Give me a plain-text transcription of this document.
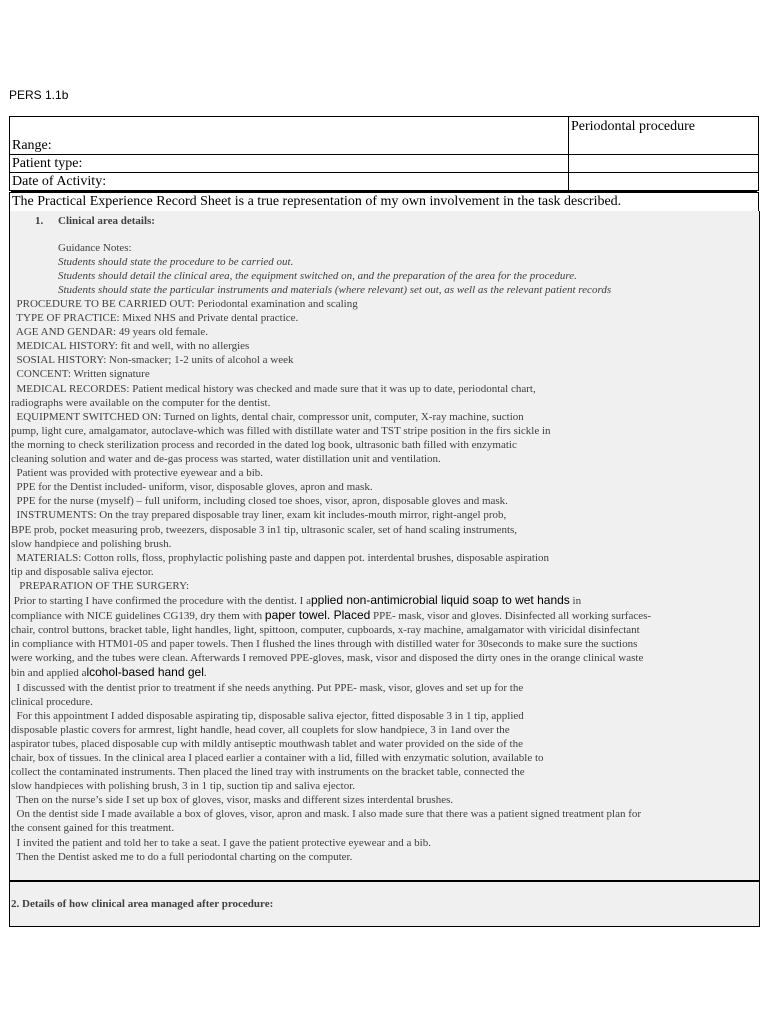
PERS 1.1b
Range:	Periodontal procedure
Patient type:	
Date of Activity:	
The Practical Experience Record Sheet is a true representation of my own involvement in the task described.
1. Clinical area details:
Guidance Notes:
Students should state the procedure to be carried out.
Students should detail the clinical area, the equipment switched on, and the preparation of the area for the procedure.
Students should state the particular instruments and materials (where relevant) set out, as well as the relevant patient records

PROCEDURE TO BE CARRIED OUT: Periodontal examination and scaling

TYPE OF PRACTICE: Mixed NHS and Private dental practice.

AGE AND GENDAR: 49 years old female.

MEDICAL HISTORY: fit and well, with no allergies

SOSIAL HISTORY: Non-smacker; 1-2 units of alcohol a week

CONCENT: Written signature

MEDICAL RECORDES: Patient medical history was checked and made sure that it was up to date, periodontal chart,

radiographs were available on the computer for the dentist.

EQUIPMENT SWITCHED ON: Turned on lights, dental chair, compressor unit, computer, X-ray machine, suction

pump, light cure, amalgamator, autoclave-which was filled with distillate water and TST stripe position in the firs sickle in

the morning to check sterilization process and recorded in the dated log book, ultrasonic bath filled with enzymatic

cleaning solution and water and de-gas process was started, water distillation unit and ventilation.

Patient was provided with protective eyewear and a bib.

PPE for the Dentist included- uniform, visor, disposable gloves, apron and mask.

PPE for the nurse (myself) – full uniform, including closed toe shoes, visor, apron, disposable gloves and mask.

INSTRUMENTS: On the tray prepared disposable tray liner, exam kit includes-mouth mirror, right-angel prob,

BPE prob, pocket measuring prob, tweezers, disposable 3 in1 tip, ultrasonic scaler, set of hand scaling instruments,

slow handpiece and polishing brush.

MATERIALS: Cotton rolls, floss, prophylactic polishing paste and dappen pot. interdental brushes, disposable aspiration

tip and disposable saliva ejector.

PREPARATION OF THE SURGERY:

Prior to starting I have confirmed the procedure with the dentist. I applied non-antimicrobial liquid soap to wet hands in

compliance with NICE guidelines CG139, dry them with paper towel. Placed PPE- mask, visor and gloves. Disinfected all working surfaces-

chair, control buttons, bracket table, light handles, light, spittoon, computer, cupboards, x-ray machine, amalgamator with viricidal disinfectant

in compliance with HTM01-05 and paper towels. Then I flushed the lines through with distilled water for 30seconds to make sure the suctions

were working, and the tubes were clean. Afterwards I removed PPE-gloves, mask, visor and disposed the dirty ones in the orange clinical waste

bin and applied alcohol-based hand gel.

I discussed with the dentist prior to treatment if she needs anything. Put PPE- mask, visor, gloves and set up for the

clinical procedure.

For this appointment I added disposable aspirating tip, disposable saliva ejector, fitted disposable 3 in 1 tip, applied

disposable plastic covers for armrest, light handle, head cover, all couplets for slow handpiece, 3 in 1and over the

aspirator tubes, placed disposable cup with mildly antiseptic mouthwash tablet and water provided on the side of the

chair, box of tissues. In the clinical area I placed earlier a container with a lid, filled with enzymatic solution, available to

collect the contaminated instruments. Then placed the lined tray with instruments on the bracket table, connected the

slow handpieces with polishing brush, 3 in 1 tip, suction tip and saliva ejector.

Then on the nurse’s side I set up box of gloves, visor, masks and different sizes interdental brushes.

On the dentist side I made available a box of gloves, visor, apron and mask. I also made sure that there was a patient signed treatment plan for

the consent gained for this treatment.

I invited the patient and told her to take a seat. I gave the patient protective eyewear and a bib.

Then the Dentist asked me to do a full periodontal charting on the computer.

2. Details of how clinical area managed after procedure:
